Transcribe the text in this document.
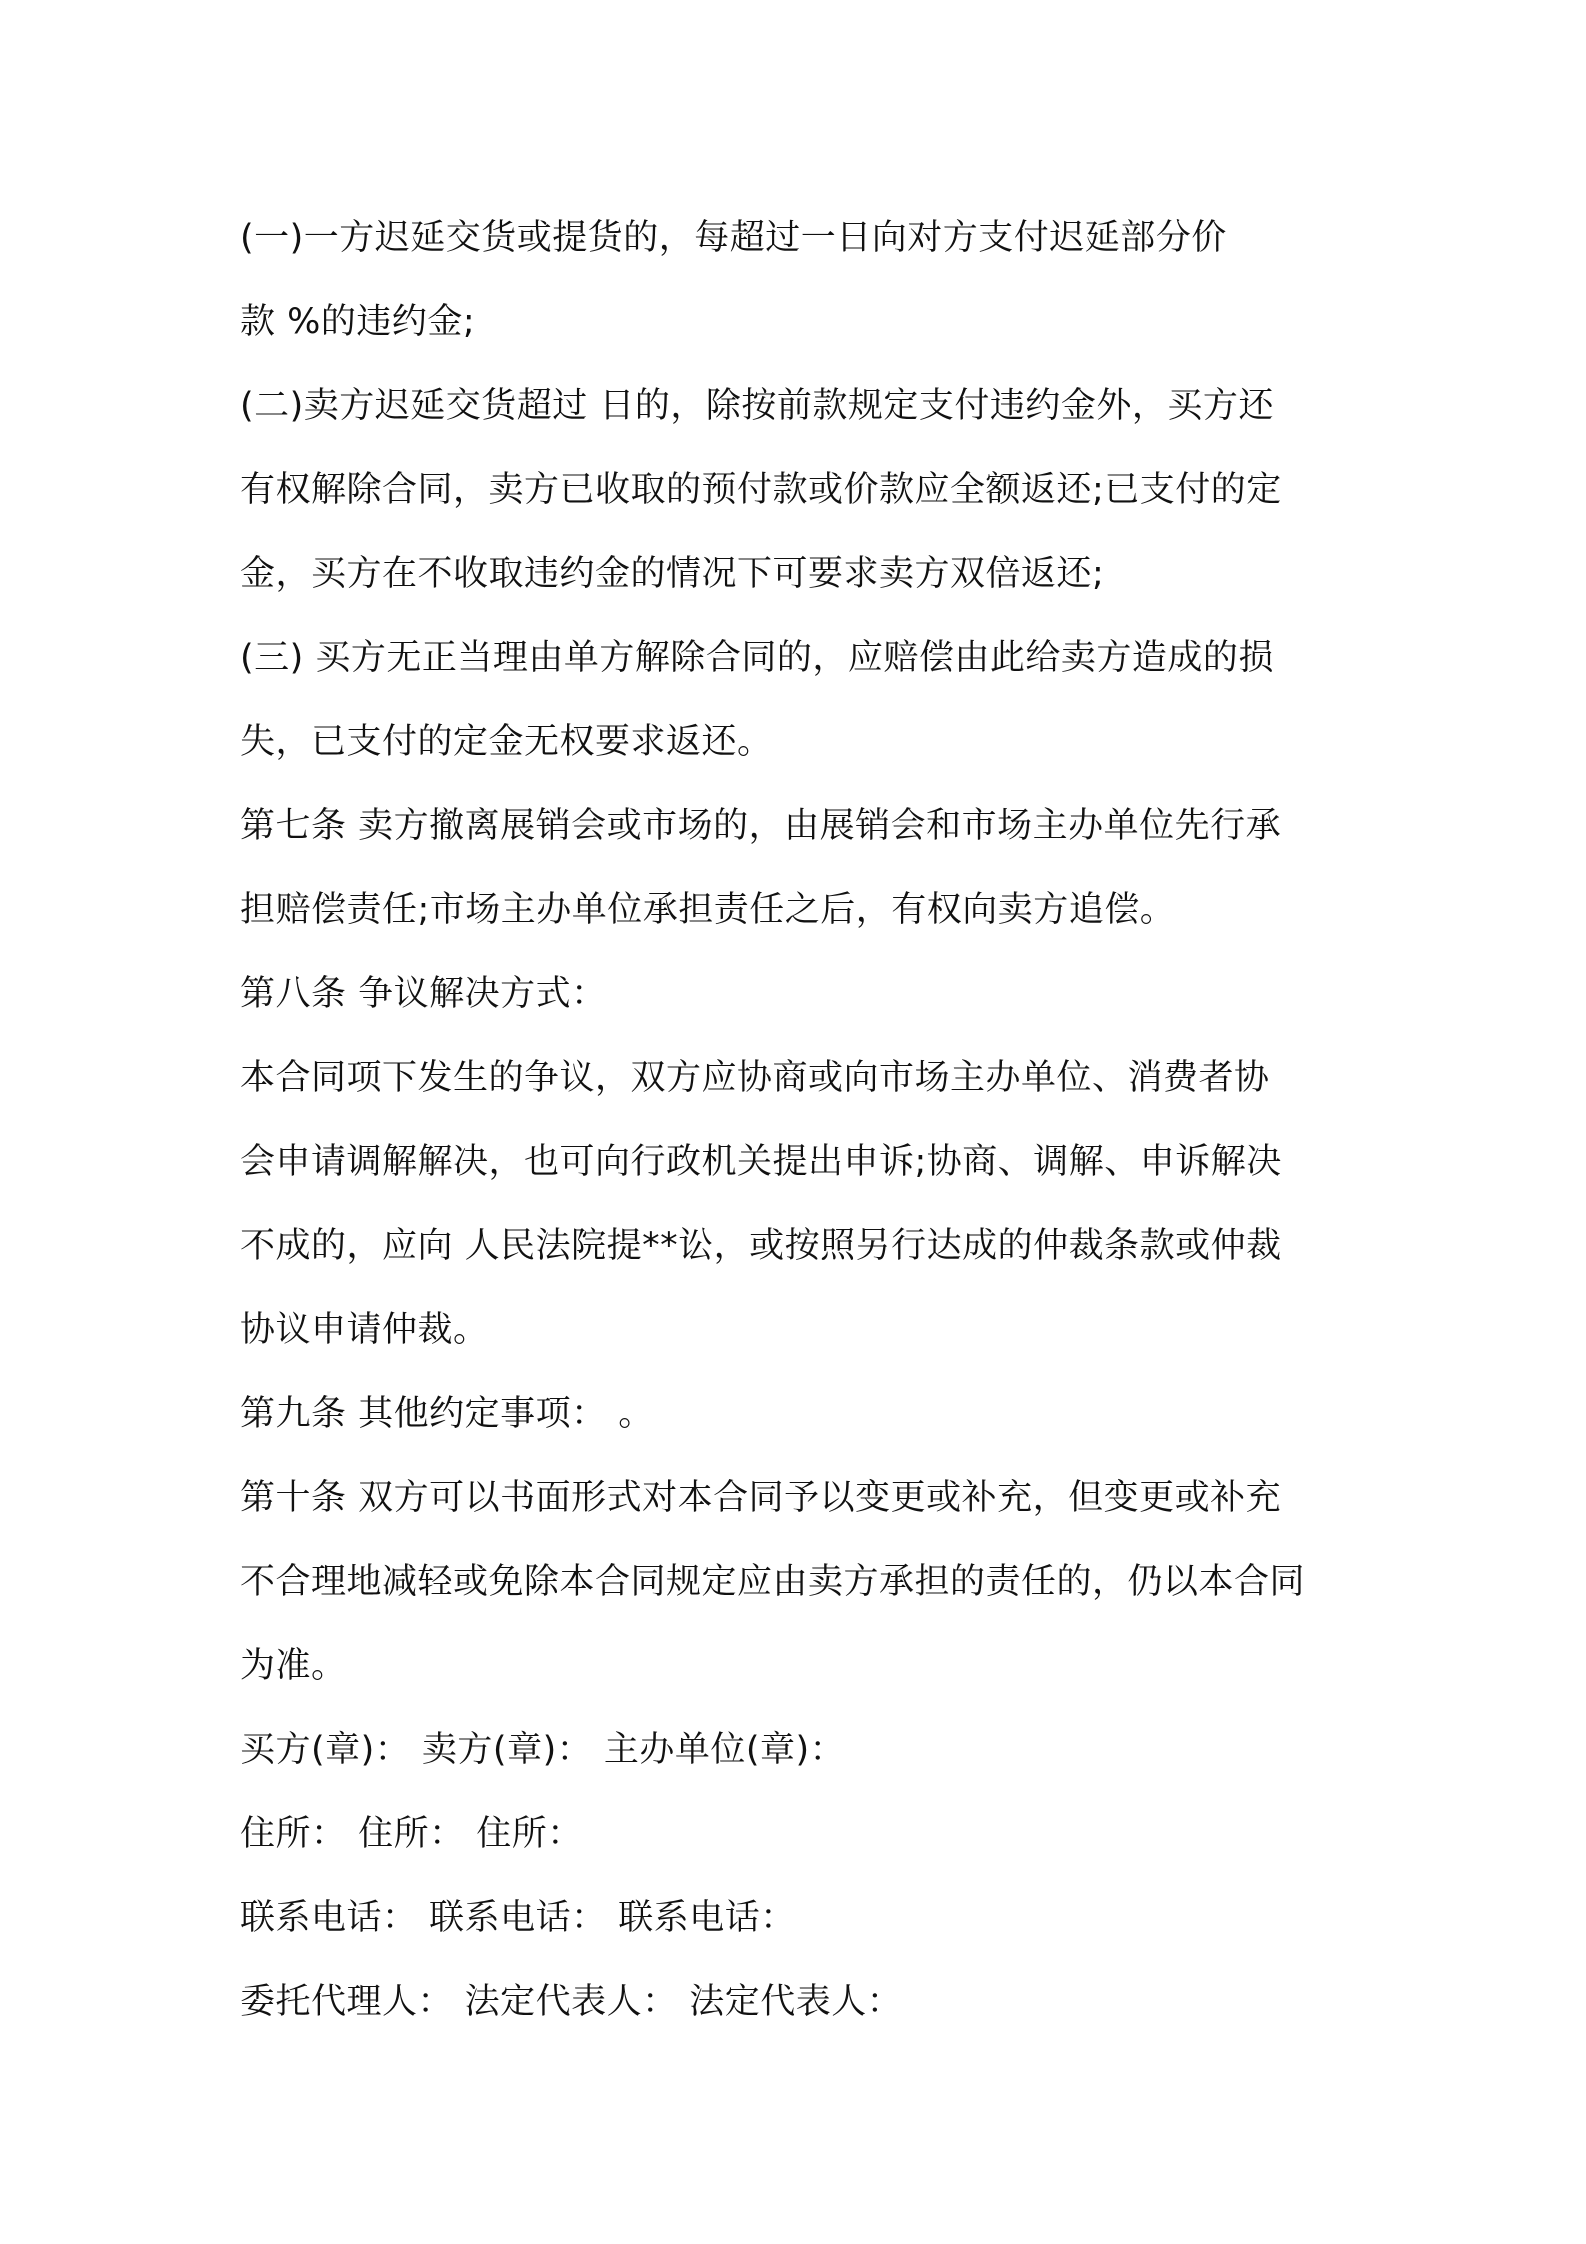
(一)一方迟延交货或提货的，每超过一日向对方支付迟延部分价
款 %的违约金;

(二)卖方迟延交货超过 日的，除按前款规定支付违约金外，买方还
有权解除合同，卖方已收取的预付款或价款应全额返还;已支付的定
金，买方在不收取违约金的情况下可要求卖方双倍返还;

(三) 买方无正当理由单方解除合同的，应赔偿由此给卖方造成的损
失，已支付的定金无权要求返还。

第七条 卖方撤离展销会或市场的，由展销会和市场主办单位先行承
担赔偿责任;市场主办单位承担责任之后，有权向卖方追偿。

第八条 争议解决方式：

本合同项下发生的争议，双方应协商或向市场主办单位、消费者协
会申请调解解决，也可向行政机关提出申诉;协商、调解、申诉解决
不成的，应向 人民法院提**讼，或按照另行达成的仲裁条款或仲裁
协议申请仲裁。

第九条 其他约定事项： 。

第十条 双方可以书面形式对本合同予以变更或补充，但变更或补充
不合理地减轻或免除本合同规定应由卖方承担的责任的，仍以本合同
为准。

买方(章)： 卖方(章)： 主办单位(章)：

住所： 住所： 住所：

联系电话： 联系电话： 联系电话：

委托代理人： 法定代表人： 法定代表人：
